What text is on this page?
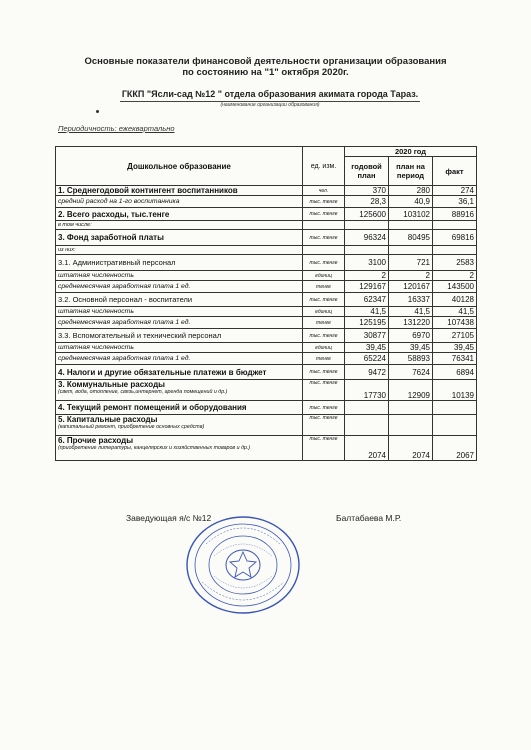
Основные показатели финансовой деятельности организации образования
по состоянию на "1" октября 2020г.
ГККП "Ясли-сад №12 " отдела образования акимата города Тараз.
(наименование организации образования)
Периодичность: ежеквартально
Дошкольное образование	ед. изм.	2020 год		
		годовой план	план на период	факт
1. Среднегодовой контингент воспитанников	чел.	370	280	274
средний расход на 1-го воспитанника	тыс. тенге	28,3	40,9	36,1
2. Всего расходы, тыс.тенге	тыс. тенге	125600	103102	88916
в том числе:				
3. Фонд заработной платы	тыс. тенге	96324	80495	69816
из них:				
3.1. Административный персонал	тыс. тенге	3100	721	2583
штатная численность	единиц	2	2	2
среднемесячная заработная плата 1 ед.	тенге	129167	120167	143500
3.2. Основной персонал - воспитатели	тыс. тенге	62347	16337	40128
штатная численность	единиц	41,5	41,5	41,5
среднемесячная заработная плата 1 ед.	тенге	125195	131220	107438
3.3. Вспомогательный и технический персонал	тыс. тенге	30877	6970	27105
штатная численность	единиц	39,45	39,45	39,45
среднемесячная заработная плата 1 ед.	тенге	65224	58893	76341
4. Налоги и другие обязательные платежи в бюджет	тыс. тенге	9472	7624	6894
3. Коммунальные расходы
(свет, вода, отопление, связь,интернет, аренда помещений и др.)	тыс. тенге	17730	12909	10139
4. Текущий ремонт помещений и оборудования	тыс. тенге			
5. Капитальные расходы
(капитальный ремонт, приобретение основных средств)	тыс. тенге			
6. Прочие расходы
(приобретение литературы, канцелярских и хозяйственных товаров и др.)	тыс. тенге	2074	2074	2067
Заведующая я/с №12	Балтабаева М.Р.
